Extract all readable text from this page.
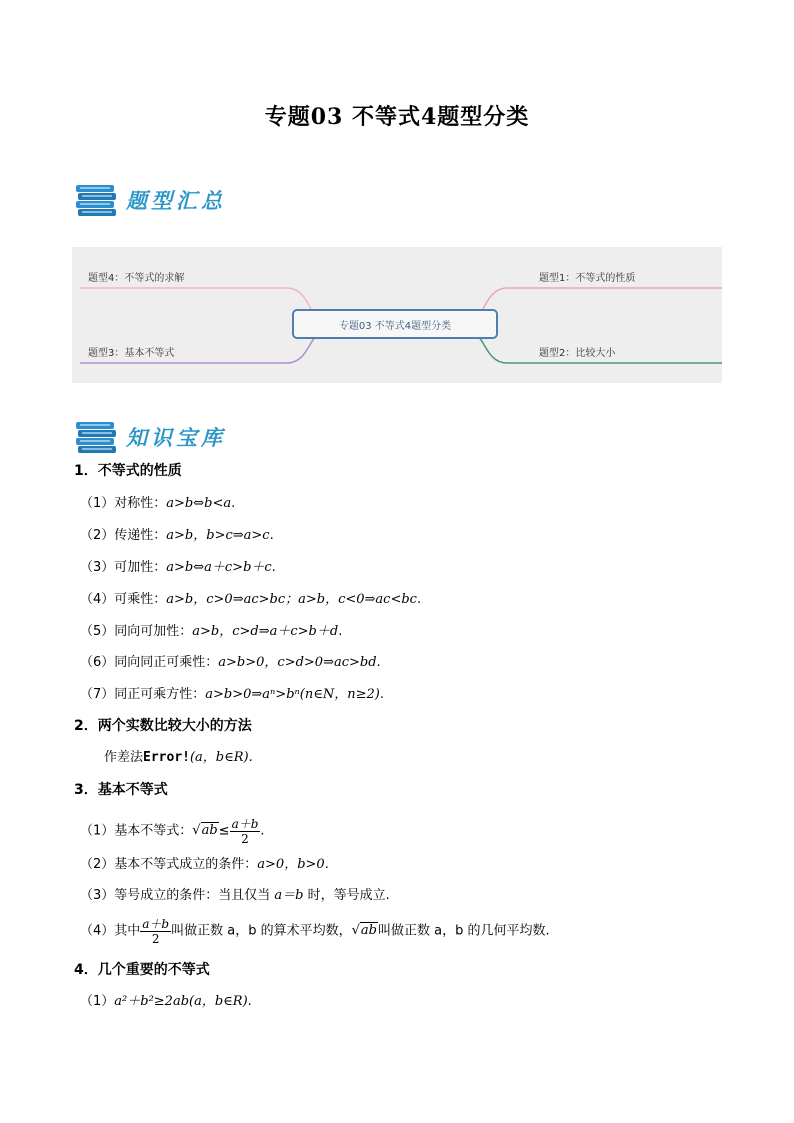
专题03 不等式4题型分类
题型汇总
题型4：不等式的求解
题型3：基本不等式
题型1：不等式的性质
题型2：比较大小
专题03 不等式4题型分类
知识宝库
1．不等式的性质
（1）对称性：a>b⇔b<a.
（2）传递性：a>b，b>c⇒a>c.
（3）可加性：a>b⇔a＋c>b＋c.
（4）可乘性：a>b，c>0⇒ac>bc；a>b，c<0⇒ac<bc.
（5）同向可加性：a>b，c>d⇒a＋c>b＋d.
（6）同向同正可乘性：a>b>0，c>d>0⇒ac>bd.
（7）同正可乘方性：a>b>0⇒aⁿ>bⁿ(n∈N，n≥2).
2．两个实数比较大小的方法
作差法Error!(a，b∈R).
3．基本不等式
（1）基本不等式：$√ab\le \frac{a+b}{2}$ .
（2）基本不等式成立的条件：a>0，b>0.
（3）等号成立的条件：当且仅当 a＝b 时，等号成立.
（4）其中 $\frac{a+b}{2}$ 叫做正数 a，b 的算术平均数，√ab叫做正数 a，b 的几何平均数.
4．几个重要的不等式
（1）a²＋b²≥2ab(a，b∈R).
